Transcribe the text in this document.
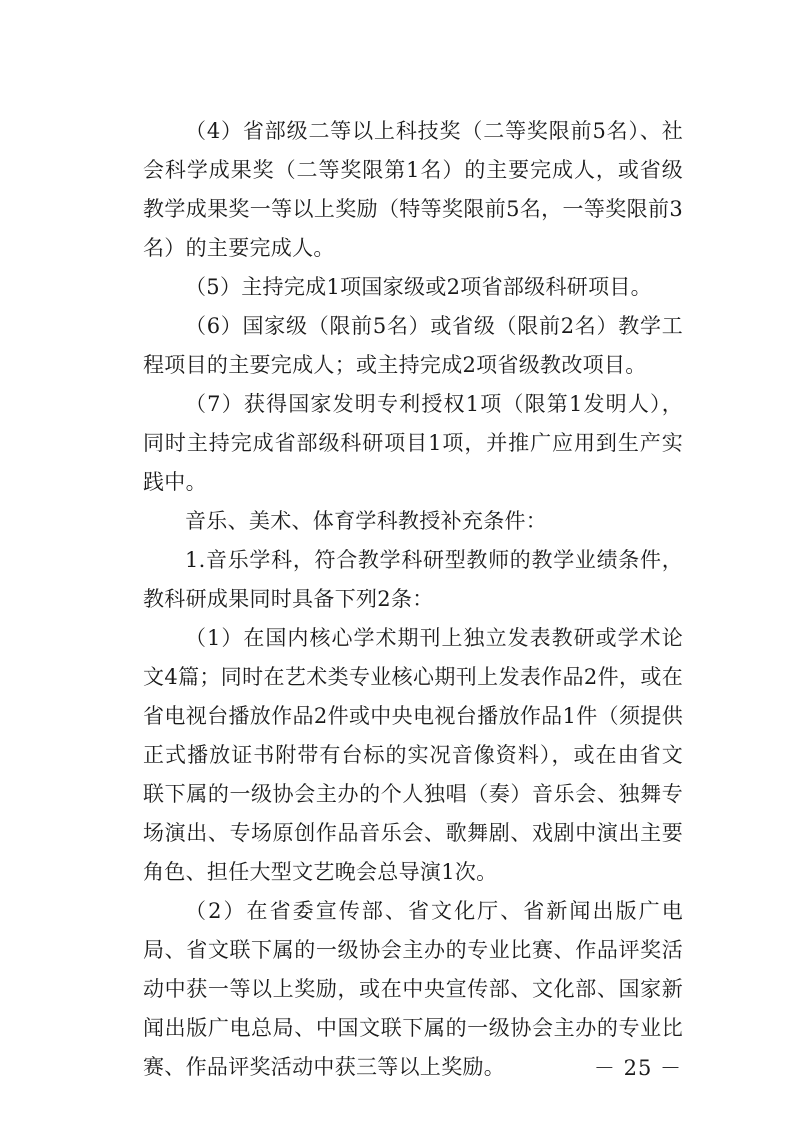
（4）省部级二等以上科技奖（二等奖限前5名）、社会科学成果奖（二等奖限第1名）的主要完成人，或省级教学成果奖一等以上奖励（特等奖限前5名，一等奖限前3名）的主要完成人。

（5）主持完成1项国家级或2项省部级科研项目。

（6）国家级（限前5名）或省级（限前2名）教学工程项目的主要完成人；或主持完成2项省级教改项目。

（7）获得国家发明专利授权1项（限第1发明人），同时主持完成省部级科研项目1项，并推广应用到生产实践中。

音乐、美术、体育学科教授补充条件：

1.音乐学科，符合教学科研型教师的教学业绩条件，教科研成果同时具备下列2条：

（1）在国内核心学术期刊上独立发表教研或学术论文4篇；同时在艺术类专业核心期刊上发表作品2件，或在省电视台播放作品2件或中央电视台播放作品1件（须提供正式播放证书附带有台标的实况音像资料），或在由省文联下属的一级协会主办的个人独唱（奏）音乐会、独舞专场演出、专场原创作品音乐会、歌舞剧、戏剧中演出主要角色、担任大型文艺晚会总导演1次。

（2）在省委宣传部、省文化厅、省新闻出版广电局、省文联下属的一级协会主办的专业比赛、作品评奖活动中获一等以上奖励，或在中央宣传部、文化部、国家新闻出版广电总局、中国文联下属的一级协会主办的专业比赛、作品评奖活动中获三等以上奖励。	－ 25 －
